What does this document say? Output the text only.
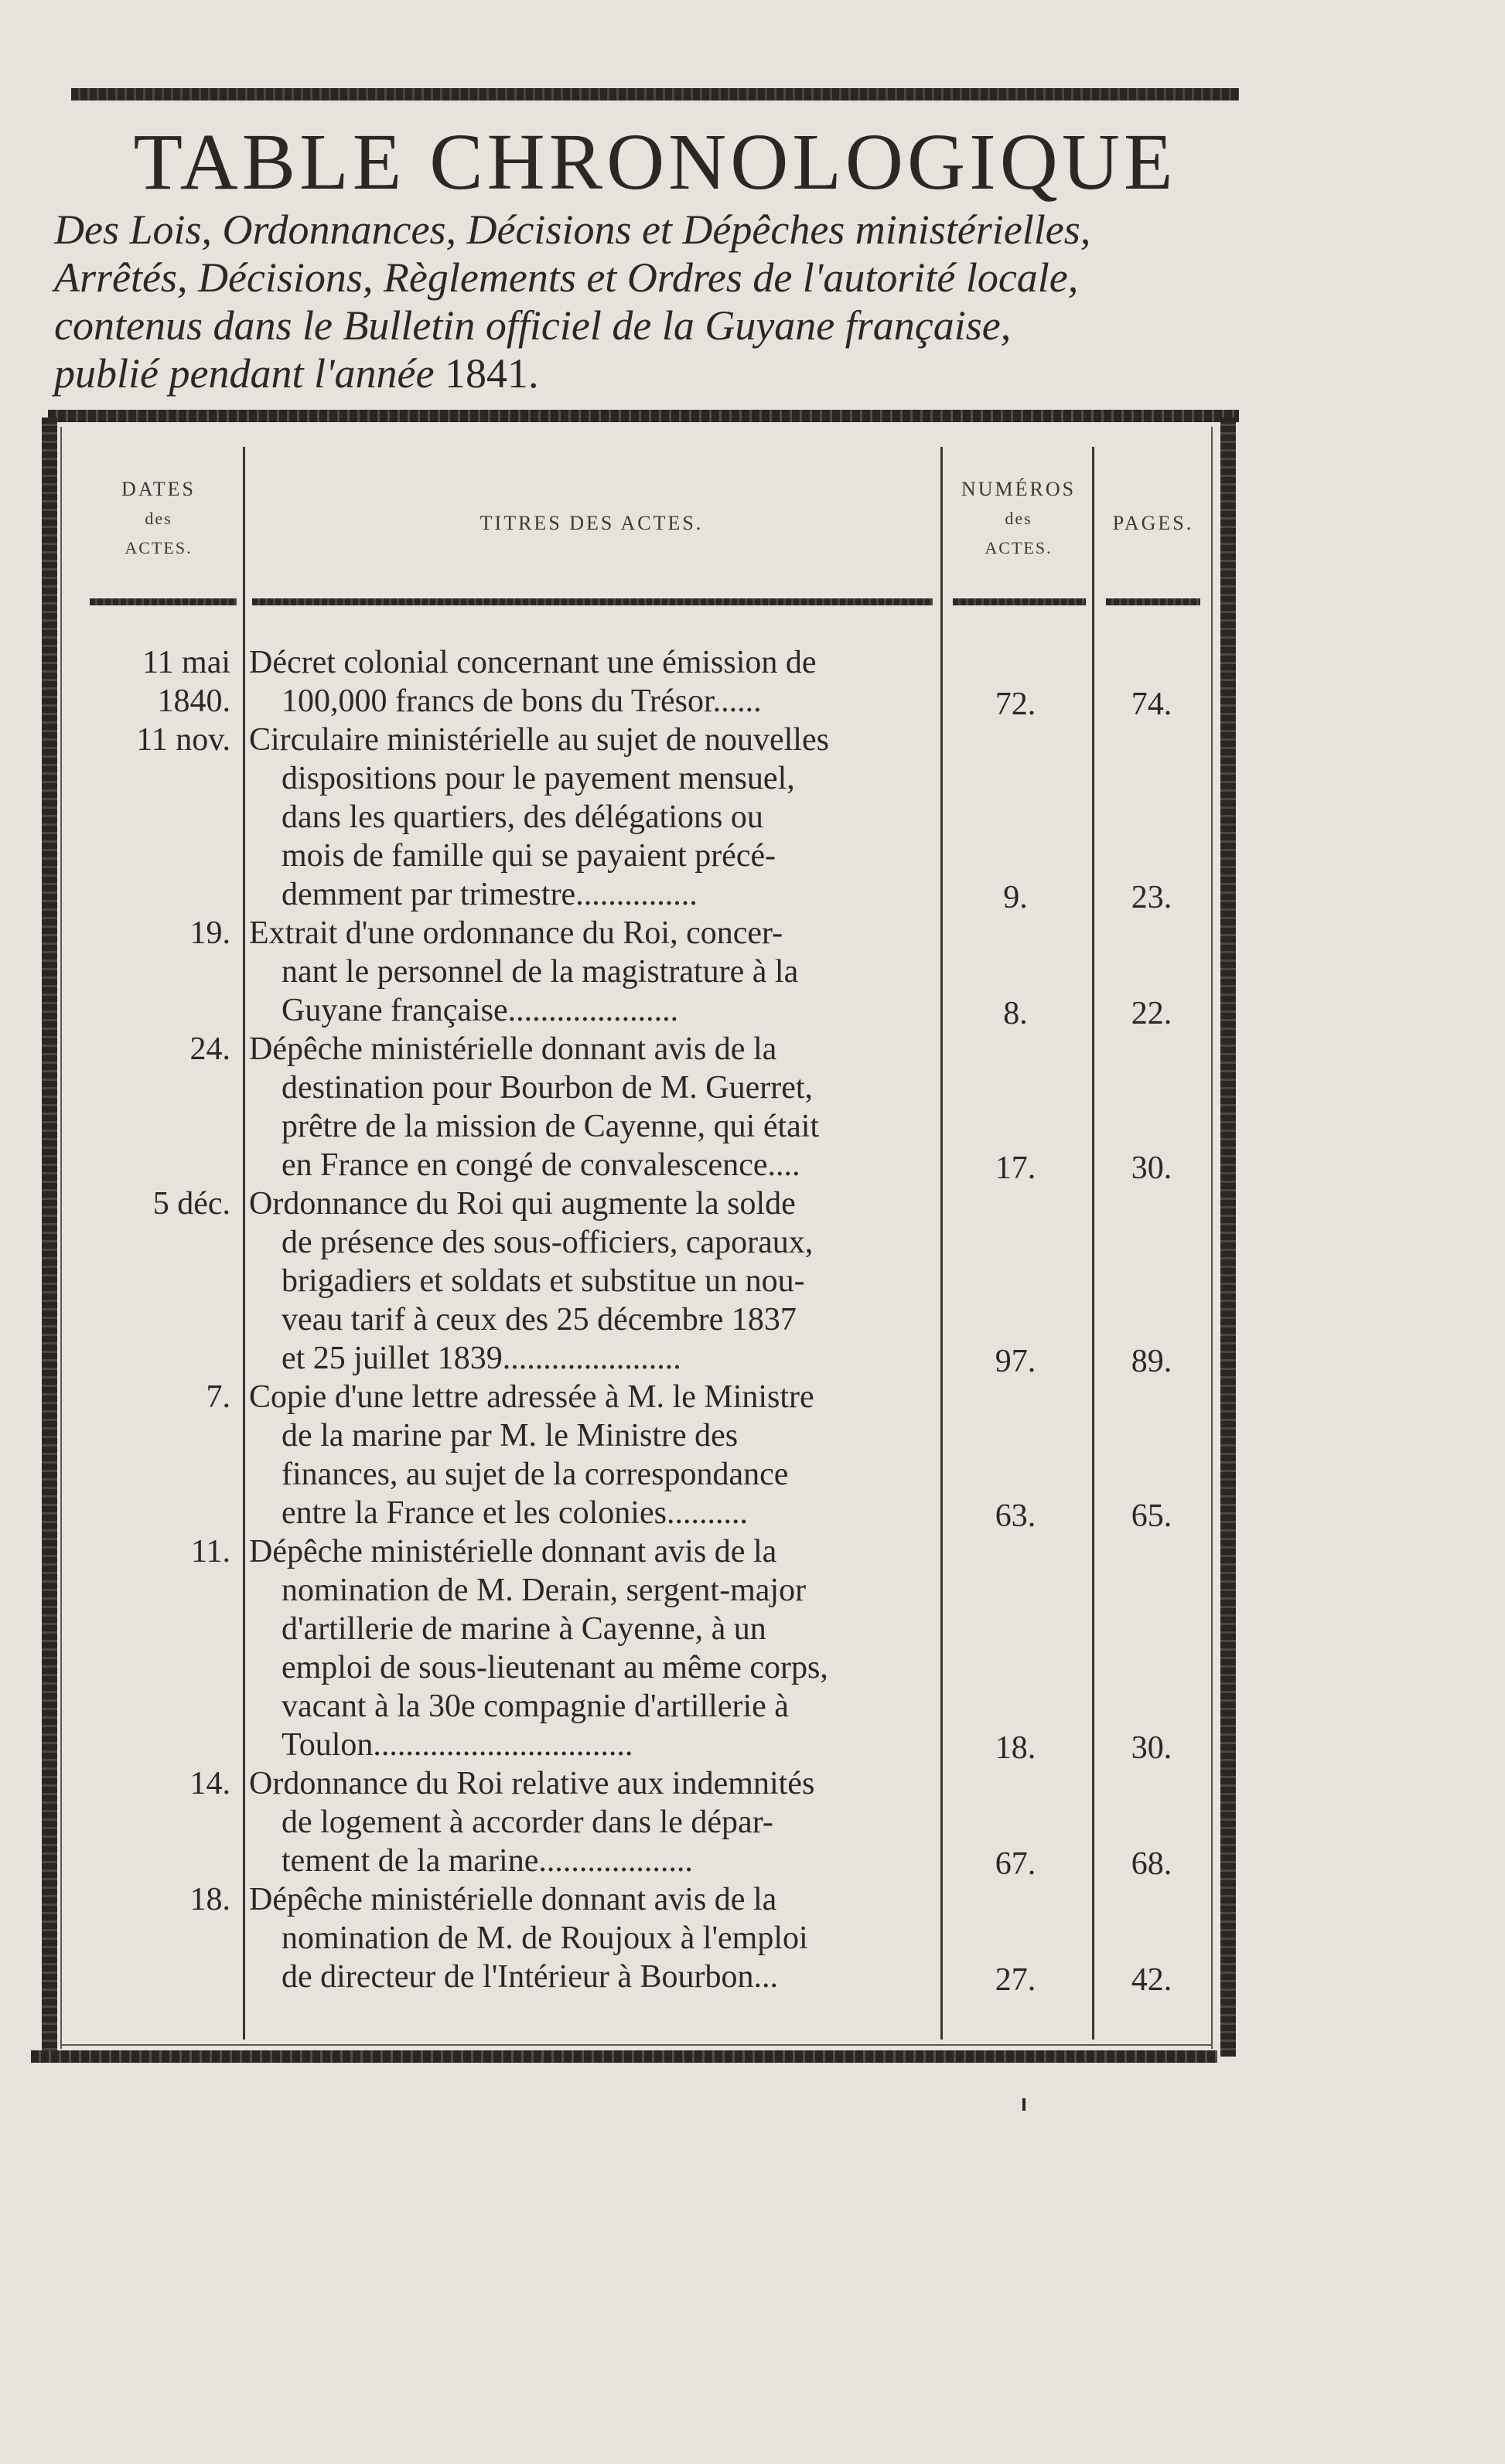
TABLE CHRONOLOGIQUE
Des Lois, Ordonnances, Décisions et Dépêches ministérielles,
Arrêtés, Décisions, Règlements et Ordres de l'autorité locale,
contenus dans le Bulletin officiel de la Guyane française,
publié pendant l'année 1841.
DATES
des
ACTES.
TITRES DES ACTES.
NUMÉROS
des
ACTES.
PAGES.
11 mai
1840.
Décret colonial concernant une émission de
100,000 francs de bons du Trésor......	72.	74.
11 nov. Circulaire ministérielle au sujet de nouvelles
dispositions pour le payement mensuel,
dans les quartiers, des délégations ou
mois de famille qui se payaient précé-
demment par trimestre...............	9.	23.
19. Extrait d'une ordonnance du Roi, concer-
nant le personnel de la magistrature à la
Guyane française.....................	8.	22.
24. Dépêche ministérielle donnant avis de la
destination pour Bourbon de M. Guerret,
prêtre de la mission de Cayenne, qui était
en France en congé de convalescence....	17.	30.
5 déc. Ordonnance du Roi qui augmente la solde
de présence des sous-officiers, caporaux,
brigadiers et soldats et substitue un nou-
veau tarif à ceux des 25 décembre 1837
et 25 juillet 1839......................	97.	89.
7. Copie d'une lettre adressée à M. le Ministre
de la marine par M. le Ministre des
finances, au sujet de la correspondance
entre la France et les colonies..........	63.	65.
11. Dépêche ministérielle donnant avis de la
nomination de M. Derain, sergent-major
d'artillerie de marine à Cayenne, à un
emploi de sous-lieutenant au même corps,
vacant à la 30e compagnie d'artillerie à
Toulon................................	18.	30.
14. Ordonnance du Roi relative aux indemnités
de logement à accorder dans le dépar-
tement de la marine...................	67.	68.
18. Dépêche ministérielle donnant avis de la
nomination de M. de Roujoux à l'emploi
de directeur de l'Intérieur à Bourbon...	27.	42.
